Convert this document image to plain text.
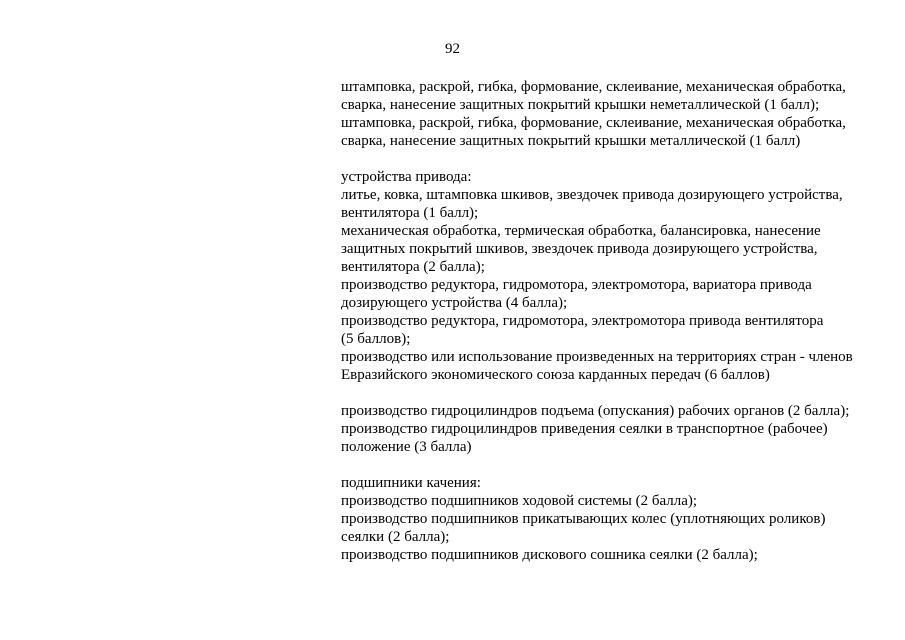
92
штамповка, раскрой, гибка, формование, склеивание, механическая обработка,
сварка, нанесение защитных покрытий крышки неметаллической (1 балл);
штамповка, раскрой, гибка, формование, склеивание, механическая обработка,
сварка, нанесение защитных покрытий крышки металлической (1 балл)
устройства привода:
литье, ковка, штамповка шкивов, звездочек привода дозирующего устройства,
вентилятора (1 балл);
механическая обработка, термическая обработка, балансировка, нанесение
защитных покрытий шкивов, звездочек привода дозирующего устройства,
вентилятора (2 балла);
производство редуктора, гидромотора, электромотора, вариатора привода
дозирующего устройства (4 балла);
производство редуктора, гидромотора, электромотора привода вентилятора
(5 баллов);
производство или использование произведенных на территориях стран - членов
Евразийского экономического союза карданных передач (6 баллов)
производство гидроцилиндров подъема (опускания) рабочих органов (2 балла);
производство гидроцилиндров приведения сеялки в транспортное (рабочее)
положение (3 балла)
подшипники качения:
производство подшипников ходовой системы (2 балла);
производство подшипников прикатывающих колес (уплотняющих роликов)
сеялки (2 балла);
производство подшипников дискового сошника сеялки (2 балла);
